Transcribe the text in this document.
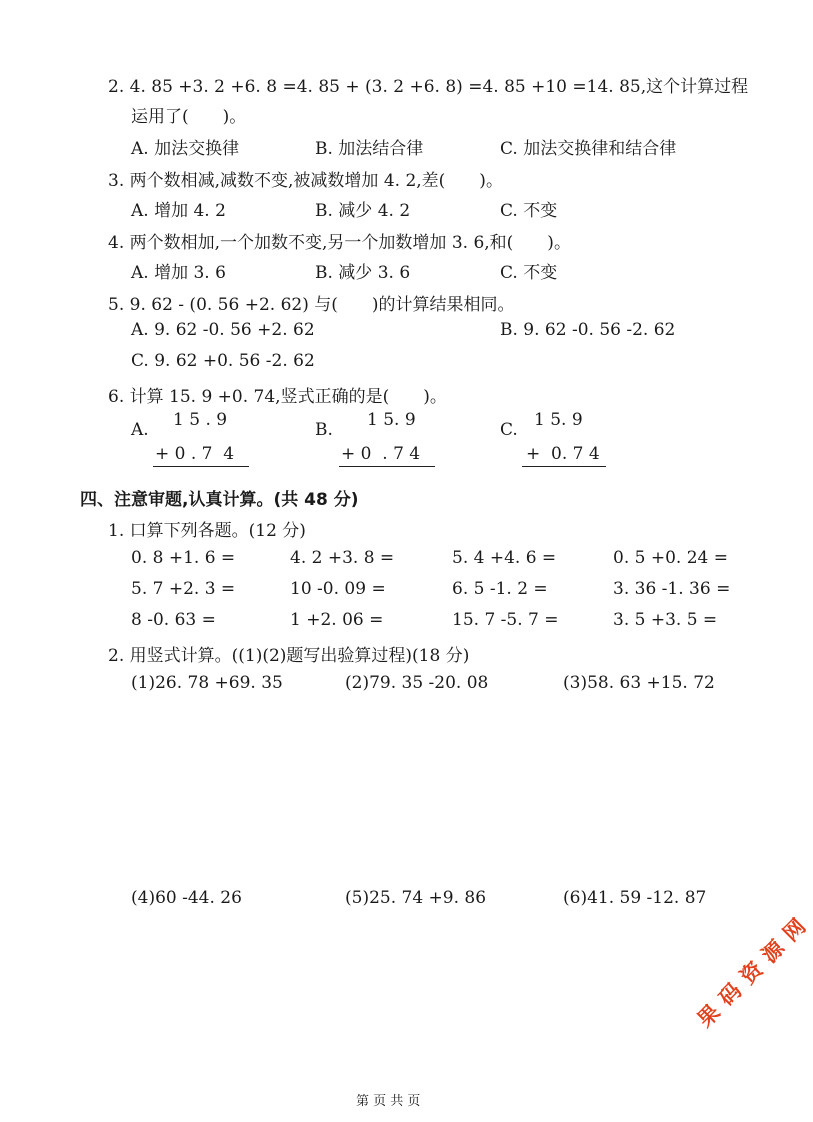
2. 4. 85 +3. 2 +6. 8 =4. 85 + (3. 2 +6. 8) =4. 85 +10 =14. 85,这个计算过程
运用了(　　)。
A. 加法交换律	B. 加法结合律	C. 加法交换律和结合律
3. 两个数相减,减数不变,被减数增加 4. 2,差(　　)。
A. 增加 4. 2	B. 减少 4. 2	C. 不变
4. 两个数相加,一个加数不变,另一个加数增加 3. 6,和(　　)。
A. 增加 3. 6	B. 减少 3. 6	C. 不变
5. 9. 62 - (0. 56 +2. 62) 与(　　)的计算结果相同。
A. 9. 62 -0. 56 +2. 62	B. 9. 62 -0. 56 -2. 62
C. 9. 62 +0. 56 -2. 62
6. 计算 15. 9 +0. 74,竖式正确的是(　　)。
A. 1 5 . 9
+ 0 . 7  4
B. 1 5. 9
+ 0  . 7 4
C. 1 5. 9
+  0. 7 4
四、注意审题,认真计算。(共 48 分)
1. 口算下列各题。(12 分)
0. 8 +1. 6 =	4. 2 +3. 8 =	5. 4 +4. 6 =	0. 5 +0. 24 =
5. 7 +2. 3 =	10 -0. 09 =	6. 5 -1. 2 =	3. 36 -1. 36 =
8 -0. 63 =	1 +2. 06 =	15. 7 -5. 7 =	3. 5 +3. 5 =
2. 用竖式计算。((1)(2)题写出验算过程)(18 分)
(1)26. 78 +69. 35	(2)79. 35 -20. 08	(3)58. 63 +15. 72
(4)60 -44. 26	(5)25. 74 +9. 86	(6)41. 59 -12. 87
果 码 资 源 网
第 页 共 页
